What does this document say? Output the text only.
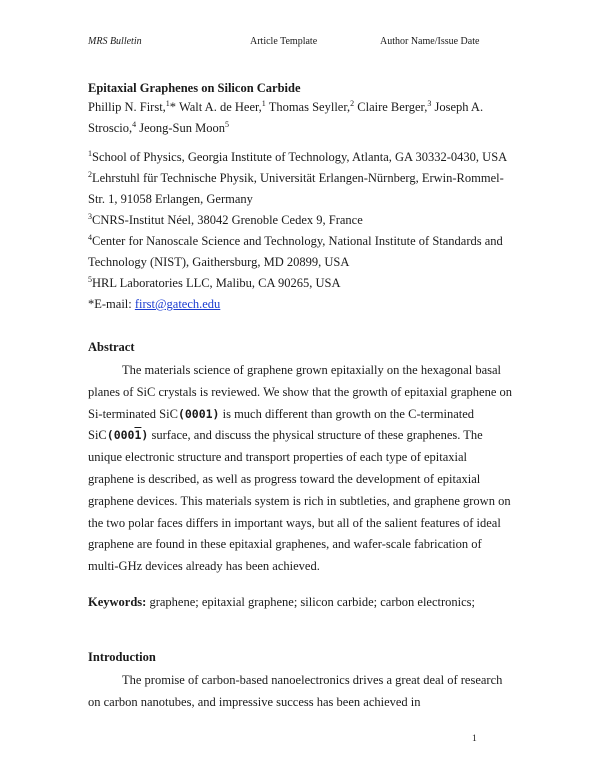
MRS Bulletin	Article Template	Author Name/Issue Date
Epitaxial Graphenes on Silicon Carbide
Phillip N. First,$^1$* Walt A. de Heer,$^1$ Thomas Seyller,$^2$ Claire Berger,$^3$ Joseph A. Stroscio,$^4$ Jeong-Sun Moon$^5$
$^1$School of Physics, Georgia Institute of Technology, Atlanta, GA 30332-0430, USA
$^2$Lehrstuhl für Technische Physik, Universität Erlangen-Nürnberg, Erwin-Rommel-Str. 1, 91058 Erlangen, Germany
$^3$CNRS-Institut Néel, 38042 Grenoble Cedex 9, France
$^4$Center for Nanoscale Science and Technology, National Institute of Standards and Technology (NIST), Gaithersburg, MD 20899, USA
$^5$HRL Laboratories LLC, Malibu, CA 90265, USA
*E-mail: first@gatech.edu
Abstract
The materials science of graphene grown epitaxially on the hexagonal basal planes of SiC crystals is reviewed. We show that the growth of epitaxial graphene on Si-terminated SiC(0001) is much different than growth on the C-terminated SiC(0001) surface, and discuss the physical structure of these graphenes. The unique electronic structure and transport properties of each type of epitaxial graphene is described, as well as progress toward the development of epitaxial graphene devices. This materials system is rich in subtleties, and graphene grown on the two polar faces differs in important ways, but all of the salient features of ideal graphene are found in these epitaxial graphenes, and wafer-scale fabrication of multi-GHz devices already has been achieved.
Keywords: graphene; epitaxial graphene; silicon carbide; carbon electronics;
Introduction
The promise of carbon-based nanoelectronics drives a great deal of research on carbon nanotubes, and impressive success has been achieved in
1
